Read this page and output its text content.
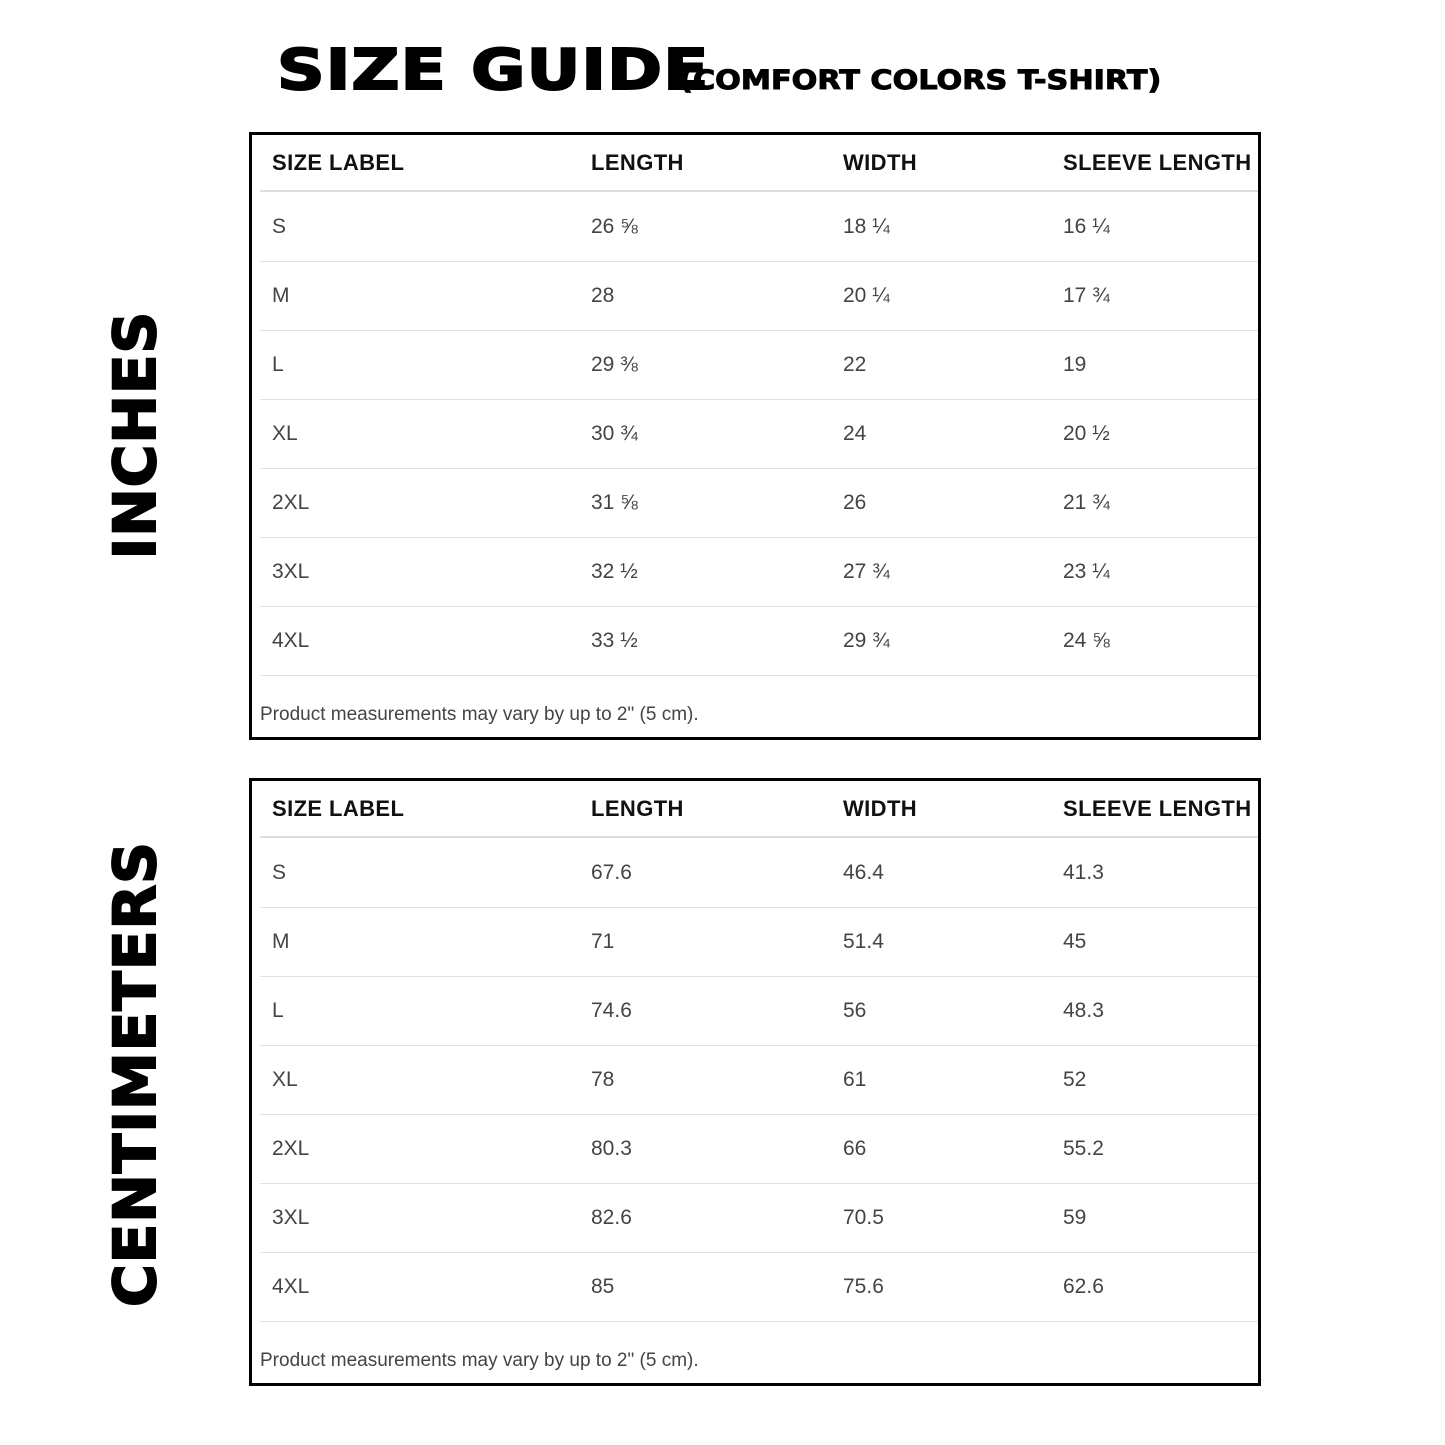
SIZE GUIDE(COMFORT COLORS T-SHIRT)
INCHES
CENTIMETERS
SIZE LABEL	LENGTH	WIDTH	SLEEVE LENGTH
S	26 ⅝	18 ¼	16 ¼
M	28	20 ¼	17 ¾
L	29 ⅜	22	19
XL	30 ¾	24	20 ½
2XL	31 ⅝	26	21 ¾
3XL	32 ½	27 ¾	23 ¼
4XL	33 ½	29 ¾	24 ⅝
Product measurements may vary by up to 2" (5 cm).
SIZE LABEL	LENGTH	WIDTH	SLEEVE LENGTH
S	67.6	46.4	41.3
M	71	51.4	45
L	74.6	56	48.3
XL	78	61	52
2XL	80.3	66	55.2
3XL	82.6	70.5	59
4XL	85	75.6	62.6
Product measurements may vary by up to 2" (5 cm).
